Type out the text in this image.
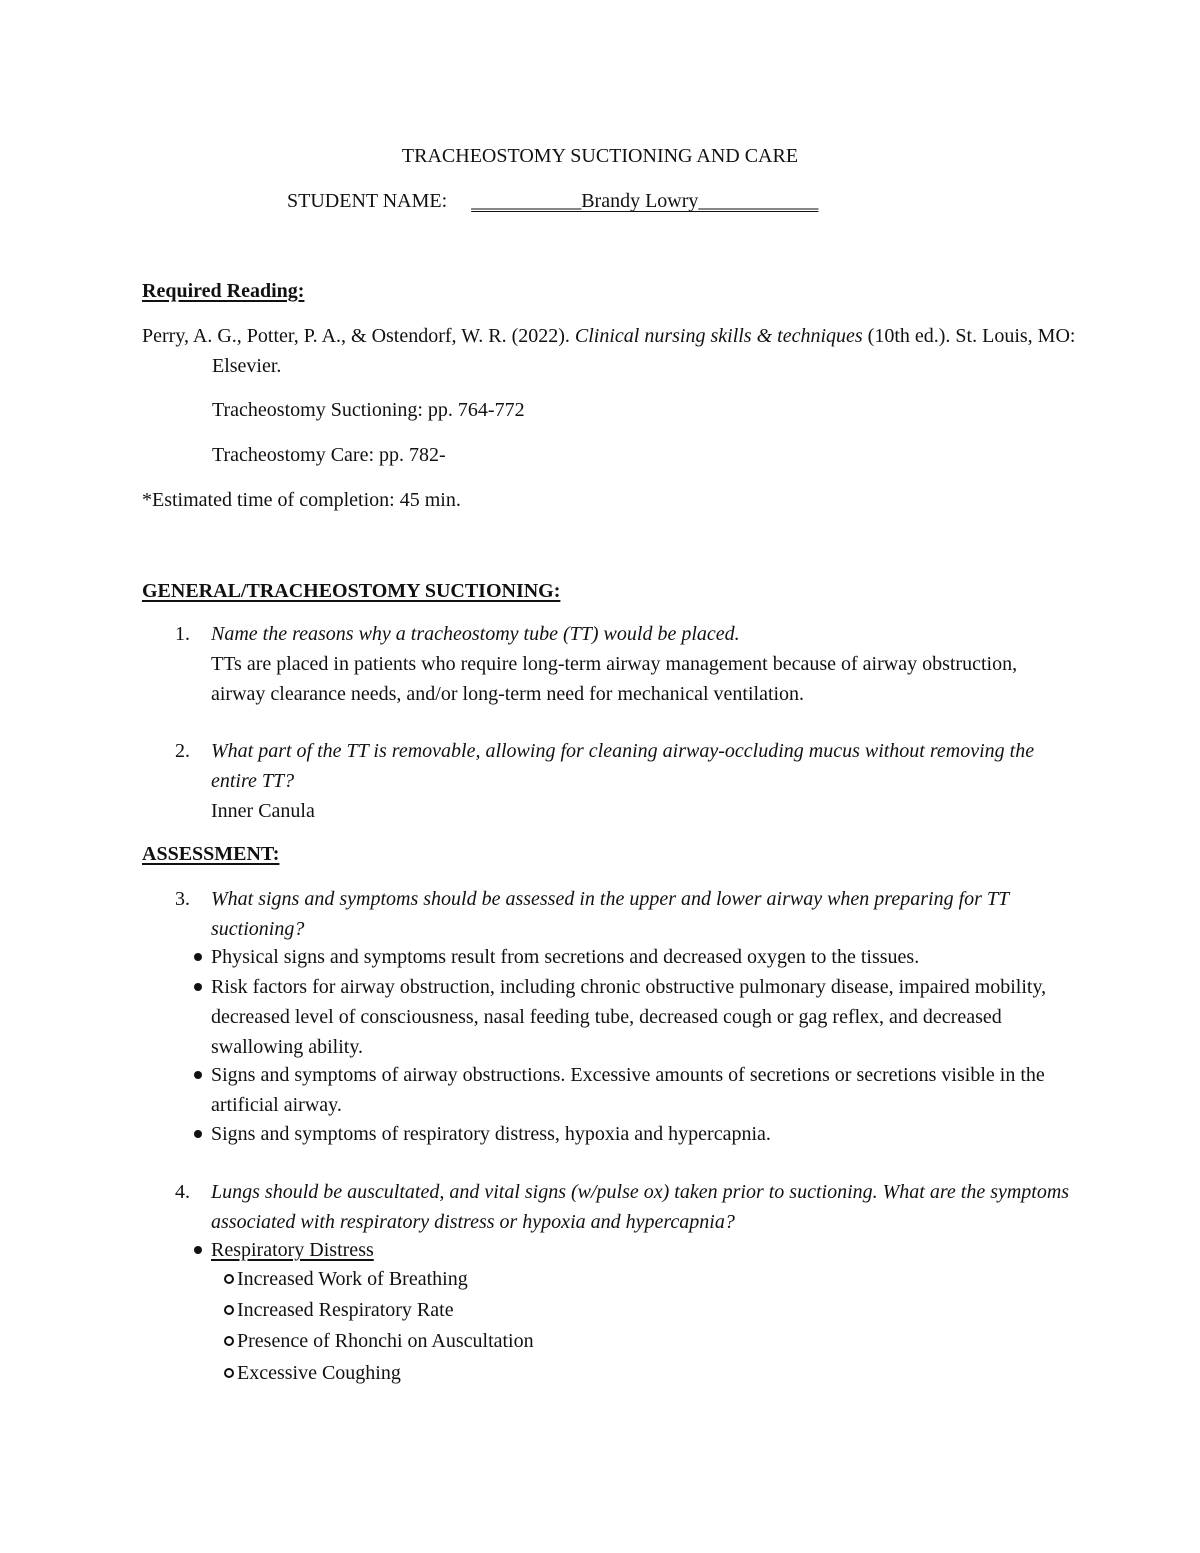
TRACHEOSTOMY SUCTIONING AND CARE
STUDENT NAME: ___________Brandy Lowry____________
Required Reading:
Perry, A. G., Potter, P. A., & Ostendorf, W. R. (2022). Clinical nursing skills & techniques (10th ed.). St. Louis, MO: Elsevier.
Tracheostomy Suctioning: pp. 764-772
Tracheostomy Care: pp. 782-
*Estimated time of completion: 45 min.
GENERAL/TRACHEOSTOMY SUCTIONING:
1. Name the reasons why a tracheostomy tube (TT) would be placed.
TTs are placed in patients who require long-term airway management because of airway obstruction, airway clearance needs, and/or long-term need for mechanical ventilation.
2. What part of the TT is removable, allowing for cleaning airway-occluding mucus without removing the entire TT?
Inner Canula
ASSESSMENT:
3. What signs and symptoms should be assessed in the upper and lower airway when preparing for TT suctioning?
Physical signs and symptoms result from secretions and decreased oxygen to the tissues.
Risk factors for airway obstruction, including chronic obstructive pulmonary disease, impaired mobility, decreased level of consciousness, nasal feeding tube, decreased cough or gag reflex, and decreased swallowing ability.
Signs and symptoms of airway obstructions. Excessive amounts of secretions or secretions visible in the artificial airway.
Signs and symptoms of respiratory distress, hypoxia and hypercapnia.
4. Lungs should be auscultated, and vital signs (w/pulse ox) taken prior to suctioning. What are the symptoms associated with respiratory distress or hypoxia and hypercapnia?
Respiratory Distress
Increased Work of Breathing
Increased Respiratory Rate
Presence of Rhonchi on Auscultation
Excessive Coughing
